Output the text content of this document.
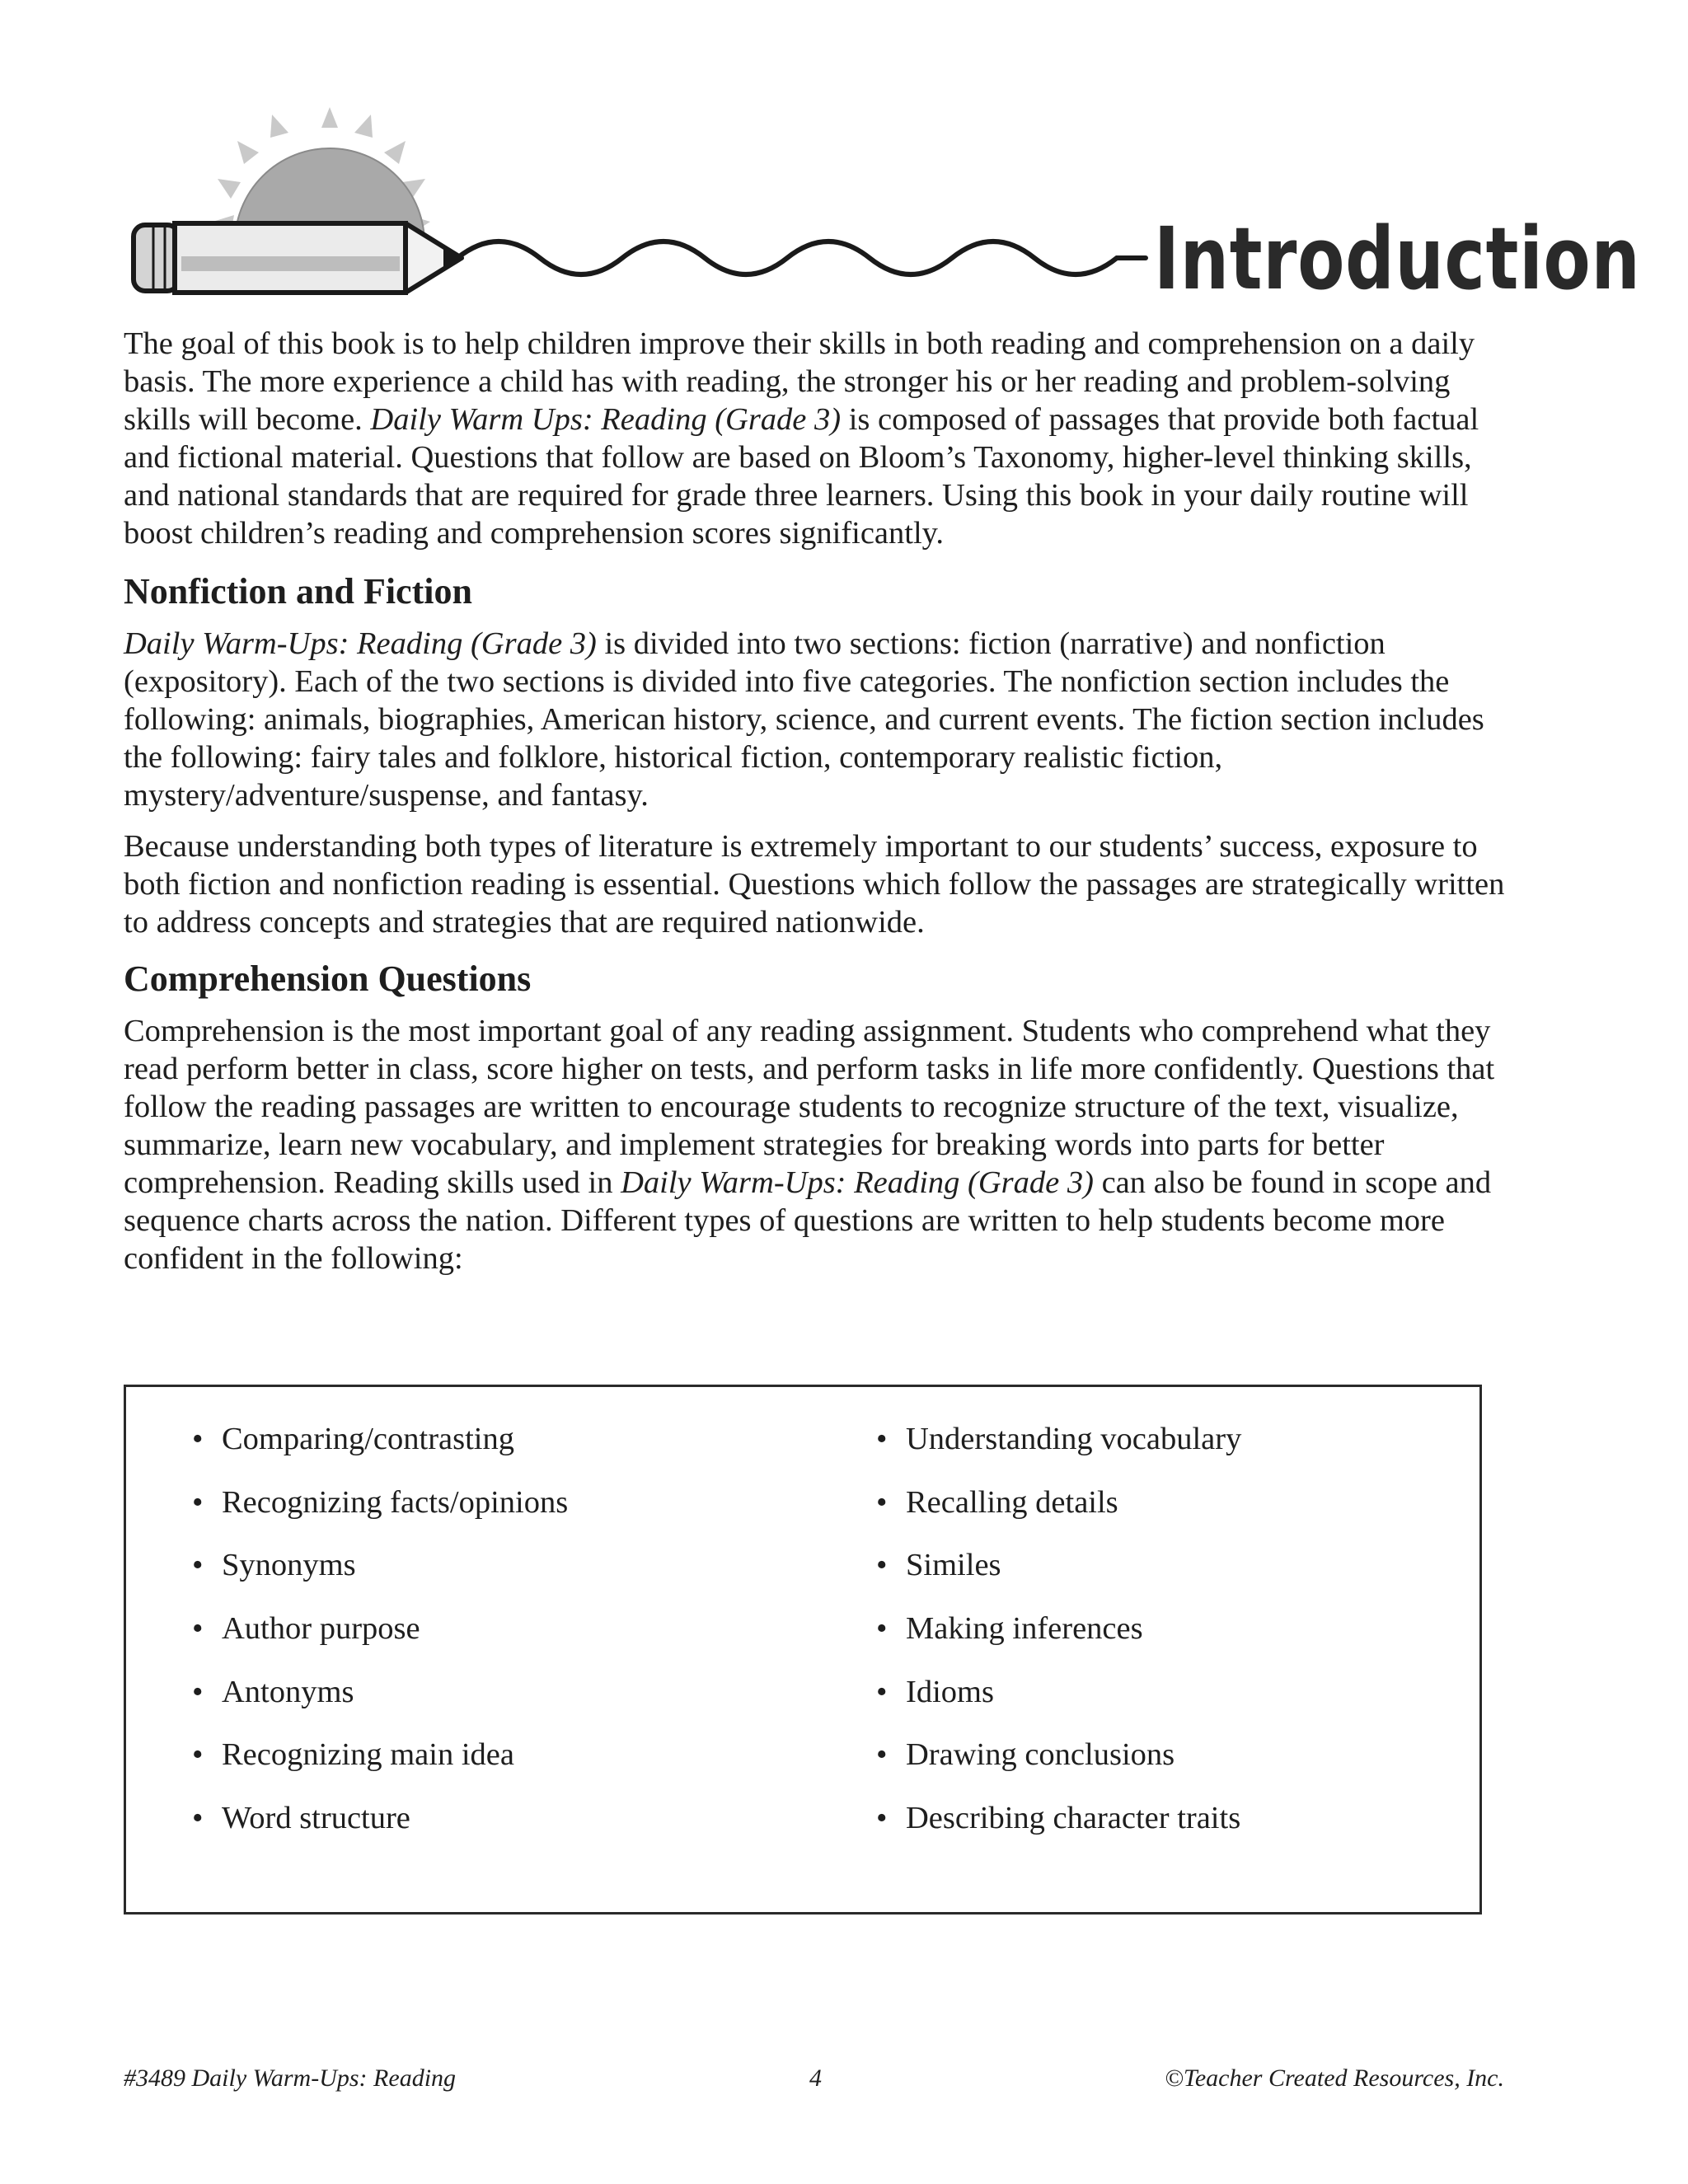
Introduction

The goal of this book is to help children improve their skills in both reading and comprehension on a daily basis. The more experience a child has with reading, the stronger his or her reading and problem-solving skills will become. Daily Warm Ups: Reading (Grade 3) is composed of passages that provide both factual and fictional material. Questions that follow are based on Bloom’s Taxonomy, higher-level thinking skills, and national standards that are required for grade three learners. Using this book in your daily routine will boost children’s reading and comprehension scores significantly.

Nonfiction and Fiction

Daily Warm-Ups: Reading (Grade 3) is divided into two sections: fiction (narrative) and nonfiction (expository). Each of the two sections is divided into five categories. The nonfiction section includes the following: animals, biographies, American history, science, and current events. The fiction section includes the following: fairy tales and folklore, historical fiction, contemporary realistic fiction, mystery/adventure/suspense, and fantasy.

Because understanding both types of literature is extremely important to our students’ success, exposure to both fiction and nonfiction reading is essential. Questions which follow the passages are strategically written to address concepts and strategies that are required nationwide.

Comprehension Questions

Comprehension is the most important goal of any reading assignment. Students who comprehend what they read perform better in class, score higher on tests, and perform tasks in life more confidently. Questions that follow the reading passages are written to encourage students to recognize structure of the text, visualize, summarize, learn new vocabulary, and implement strategies for breaking words into parts for better comprehension. Reading skills used in Daily Warm-Ups: Reading (Grade 3) can also be found in scope and sequence charts across the nation. Different types of questions are written to help students become more confident in the following:

• Comparing/contrasting
• Recognizing facts/opinions
• Synonyms
• Author purpose
• Antonyms
• Recognizing main idea
• Word structure
• Understanding vocabulary
• Recalling details
• Similes
• Making inferences
• Idioms
• Drawing conclusions
• Describing character traits
#3489 Daily Warm-Ups: Reading	4	©Teacher Created Resources, Inc.
